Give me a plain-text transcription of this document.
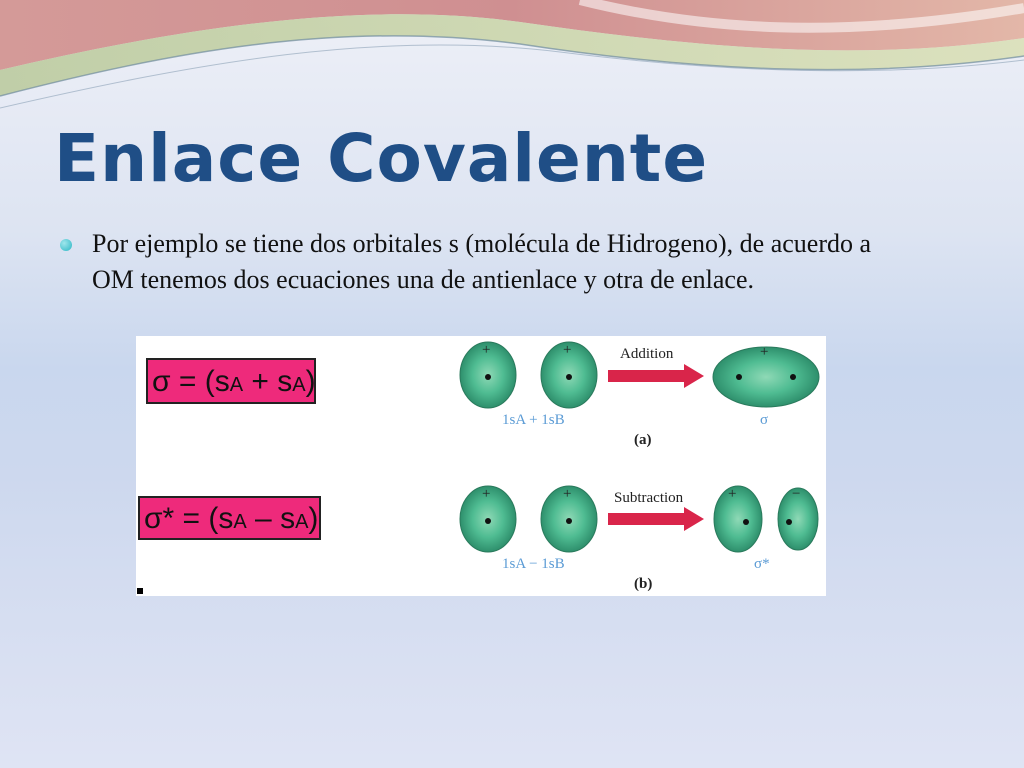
Enlace Covalente

Por ejemplo se tiene dos orbitales s (molécula de Hidrogeno), de acuerdo a OM tenemos dos ecuaciones una de antienlace y otra de enlace.

σ = (sA + sA)
σ* = (sA – sA)
+	+	+
Addition
1sA + 1sB	σ
(a)
+	+	+	−
Subtraction
1sA − 1sB	σ*
(b)
